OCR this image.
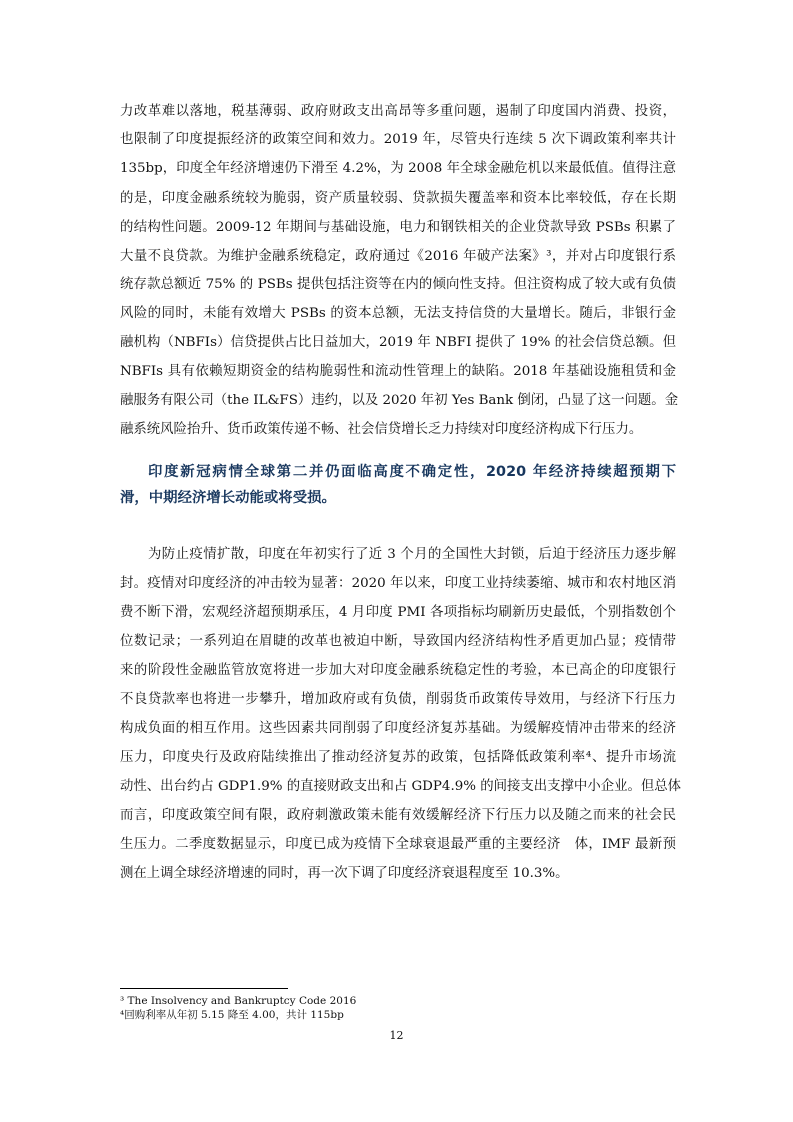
力改革难以落地，税基薄弱、政府财政支出高昂等多重问题，遏制了印度国内消费、投资，
也限制了印度提振经济的政策空间和效力。2019 年，尽管央行连续 5 次下调政策利率共计
135bp，印度全年经济增速仍下滑至 4.2%，为 2008 年全球金融危机以来最低值。值得注意
的是，印度金融系统较为脆弱，资产质量较弱、贷款损失覆盖率和资本比率较低，存在长期
的结构性问题。2009-12 年期间与基础设施，电力和钢铁相关的企业贷款导致 PSBs 积累了
大量不良贷款。为维护金融系统稳定，政府通过《2016 年破产法案》³，并对占印度银行系
统存款总额近 75% 的 PSBs 提供包括注资等在内的倾向性支持。但注资构成了较大或有负债
风险的同时，未能有效增大 PSBs 的资本总额，无法支持信贷的大量增长。随后，非银行金
融机构（NBFIs）信贷提供占比日益加大，2019 年 NBFI 提供了 19% 的社会信贷总额。但
NBFIs 具有依赖短期资金的结构脆弱性和流动性管理上的缺陷。2018 年基础设施租赁和金
融服务有限公司（the IL&FS）违约，以及 2020 年初 Yes Bank 倒闭，凸显了这一问题。金
融系统风险抬升、货币政策传递不畅、社会信贷增长乏力持续对印度经济构成下行压力。
印度新冠病情全球第二并仍面临高度不确定性，2020 年经济持续超预期下
滑，中期经济增长动能或将受损。
为防止疫情扩散，印度在年初实行了近 3 个月的全国性大封锁，后迫于经济压力逐步解
封。疫情对印度经济的冲击较为显著：2020 年以来，印度工业持续萎缩、城市和农村地区消
费不断下滑，宏观经济超预期承压，4 月印度 PMI 各项指标均刷新历史最低，个别指数创个
位数记录；一系列迫在眉睫的改革也被迫中断，导致国内经济结构性矛盾更加凸显；疫情带
来的阶段性金融监管放宽将进一步加大对印度金融系统稳定性的考验，本已高企的印度银行
不良贷款率也将进一步攀升，增加政府或有负债，削弱货币政策传导效用，与经济下行压力
构成负面的相互作用。这些因素共同削弱了印度经济复苏基础。为缓解疫情冲击带来的经济
压力，印度央行及政府陆续推出了推动经济复苏的政策，包括降低政策利率⁴、提升市场流
动性、出台约占 GDP1.9% 的直接财政支出和占 GDP4.9% 的间接支出支撑中小企业。但总体
而言，印度政策空间有限，政府刺激政策未能有效缓解经济下行压力以及随之而来的社会民
生压力。二季度数据显示，印度已成为疫情下全球衰退最严重的主要经济　体，IMF 最新预
测在上调全球经济增速的同时，再一次下调了印度经济衰退程度至 10.3%。
³ The Insolvency and Bankruptcy Code 2016
⁴回购利率从年初 5.15 降至 4.00，共计 115bp
12
